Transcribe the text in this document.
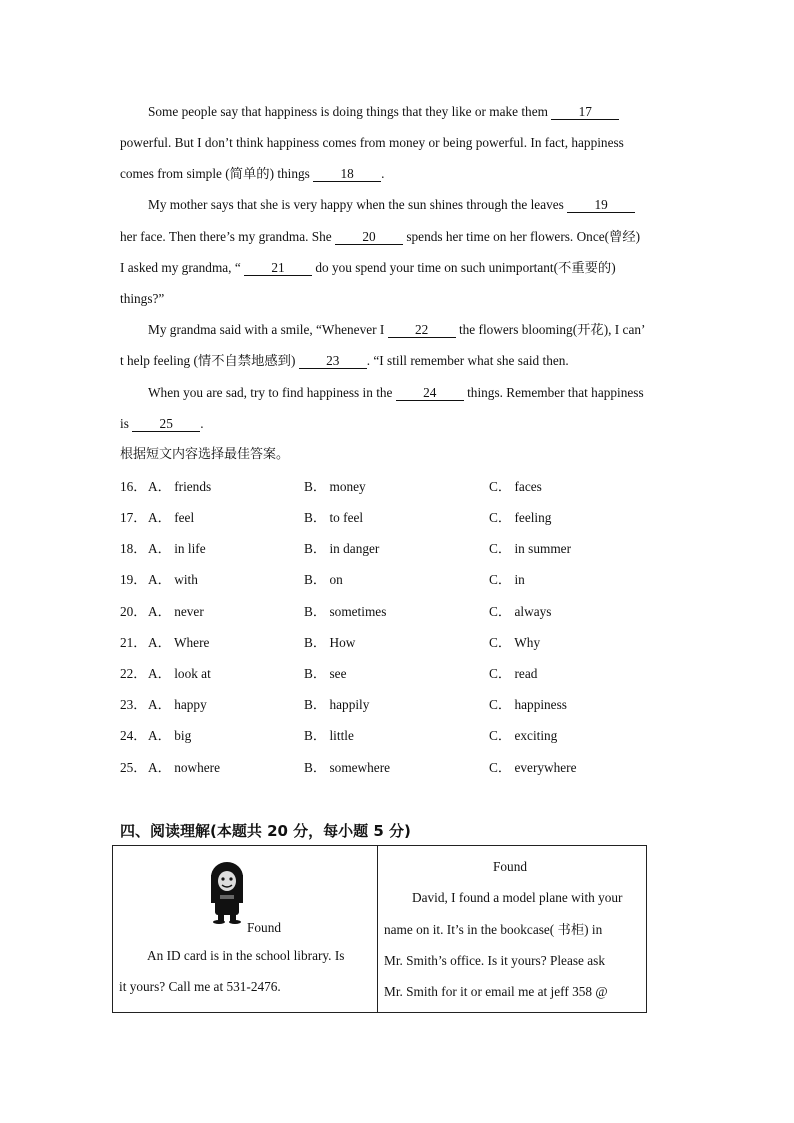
Some people say that happiness is doing things that they like or make them 17
powerful. But I don’t think happiness comes from money or being powerful. In fact, happiness
comes from simple (简单的) things 18 .
My mother says that she is very happy when the sun shines through the leaves 19
her face. Then there’s my grandma. She 20 spends her time on her flowers. Once(曾经)
I asked my grandma, “ 21 do you spend your time on such unimportant(不重要的)
things?”
My grandma said with a smile, “Whenever I 22 the flowers blooming(开花), I can’
t help feeling (情不自禁地感到) 23 . “I still remember what she said then.
When you are sad, try to find happiness in the 24 things. Remember that happiness
is 25 .
根据短文内容选择最佳答案。
16． A． friends	B． money	C． faces
17． A． feel	B． to feel	C． feeling
18． A． in life	B． in danger	C． in summer
19． A． with	B． on	C． in
20． A． never	B． sometimes	C． always
21． A． Where	B． How	C． Why
22． A． look at	B． see	C． read
23． A． happy	B． happily	C． happiness
24． A． big	B． little	C． exciting
25． A． nowhere	B． somewhere	C． everywhere
四、阅读理解(本题共 20 分，每小题 5 分)
Found
An ID card is in the school library. Is
it yours? Call me at 531-2476.

Found
David, I found a model plane with your
name on it. It’s in the bookcase( 书柜) in
Mr. Smith’s office. Is it yours? Please ask
Mr. Smith for it or email me at jeff 358 @
